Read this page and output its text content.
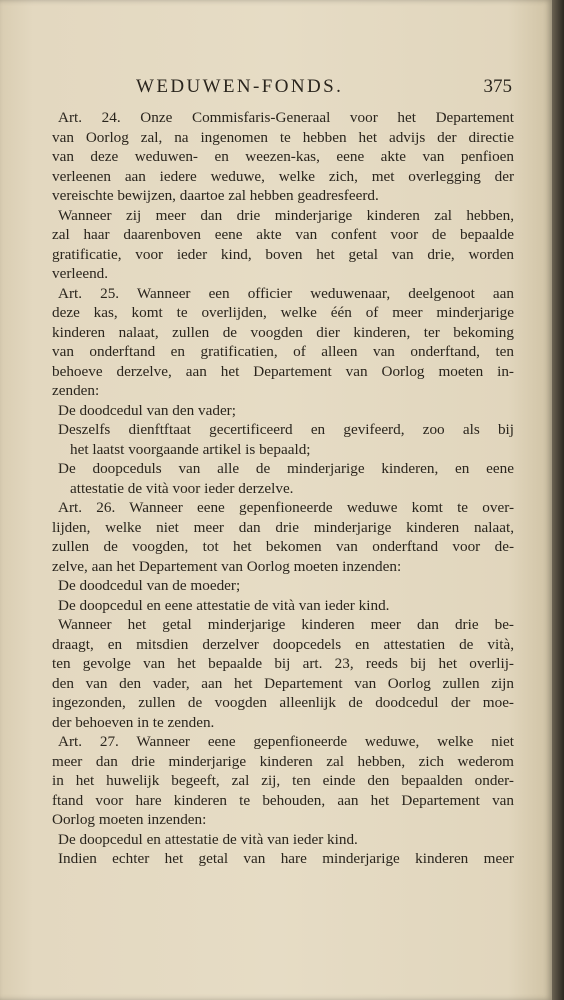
WEDUWEN-FONDS.	375
Art. 24. Onze Commisfaris-Generaal voor het Departement
van Oorlog zal, na ingenomen te hebben het advijs der directie
van deze weduwen- en weezen-kas, eene akte van penfioen
verleenen aan iedere weduwe, welke zich, met overlegging der
vereischte bewijzen, daartoe zal hebben geadresfeerd.
Wanneer zij meer dan drie minderjarige kinderen zal hebben,
zal haar daarenboven eene akte van confent voor de bepaalde
gratificatie, voor ieder kind, boven het getal van drie, worden
verleend.
Art. 25. Wanneer een officier weduwenaar, deelgenoot aan
deze kas, komt te overlijden, welke één of meer minderjarige
kinderen nalaat, zullen de voogden dier kinderen, ter bekoming
van onderftand en gratificatien, of alleen van onderftand, ten
behoeve derzelve, aan het Departement van Oorlog moeten in-
zenden:
De doodcedul van den vader;
Deszelfs dienftftaat gecertificeerd en gevifeerd, zoo als bij
het laatst voorgaande artikel is bepaald;
De doopceduls van alle de minderjarige kinderen, en eene
attestatie de vità voor ieder derzelve.
Art. 26. Wanneer eene gepenfioneerde weduwe komt te over-
lijden, welke niet meer dan drie minderjarige kinderen nalaat,
zullen de voogden, tot het bekomen van onderftand voor de-
zelve, aan het Departement van Oorlog moeten inzenden:
De doodcedul van de moeder;
De doopcedul en eene attestatie de vità van ieder kind.
Wanneer het getal minderjarige kinderen meer dan drie be-
draagt, en mitsdien derzelver doopcedels en attestatien de vità,
ten gevolge van het bepaalde bij art. 23, reeds bij het overlij-
den van den vader, aan het Departement van Oorlog zullen zijn
ingezonden, zullen de voogden alleenlijk de doodcedul der moe-
der behoeven in te zenden.
Art. 27. Wanneer eene gepenfioneerde weduwe, welke niet
meer dan drie minderjarige kinderen zal hebben, zich wederom
in het huwelijk begeeft, zal zij, ten einde den bepaalden onder-
ftand voor hare kinderen te behouden, aan het Departement van
Oorlog moeten inzenden:
De doopcedul en attestatie de vità van ieder kind.
Indien echter het getal van hare minderjarige kinderen meer
